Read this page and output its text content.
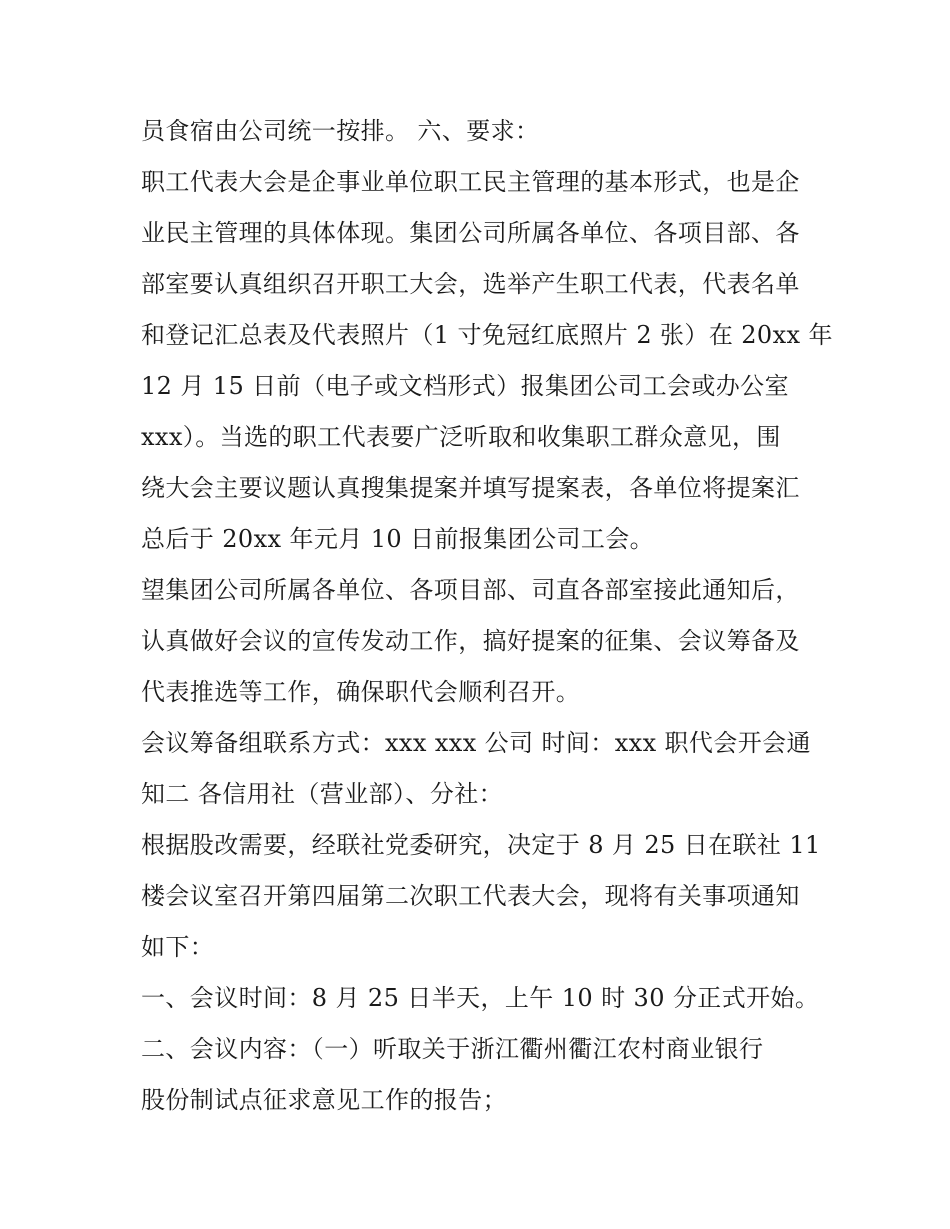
员食宿由公司统一按排。 六、要求：
职工代表大会是企事业单位职工民主管理的基本形式，也是企
业民主管理的具体体现。集团公司所属各单位、各项目部、各
部室要认真组织召开职工大会，选举产生职工代表，代表名单
和登记汇总表及代表照片（1 寸免冠红底照片 2 张）在 20xx 年
12 月 15 日前（电子或文档形式）报集团公司工会或办公室
xxx）。当选的职工代表要广泛听取和收集职工群众意见，围
绕大会主要议题认真搜集提案并填写提案表，各单位将提案汇
总后于 20xx 年元月 10 日前报集团公司工会。
望集团公司所属各单位、各项目部、司直各部室接此通知后，
认真做好会议的宣传发动工作，搞好提案的征集、会议筹备及
代表推选等工作，确保职代会顺利召开。
会议筹备组联系方式：xxx xxx 公司 时间：xxx 职代会开会通
知二 各信用社（营业部）、分社：
根据股改需要，经联社党委研究，决定于 8 月 25 日在联社 11
楼会议室召开第四届第二次职工代表大会，现将有关事项通知
如下：
一、会议时间：8 月 25 日半天，上午 10 时 30 分正式开始。
二、会议内容：（一）听取关于浙江衢州衢江农村商业银行
股份制试点征求意见工作的报告；
